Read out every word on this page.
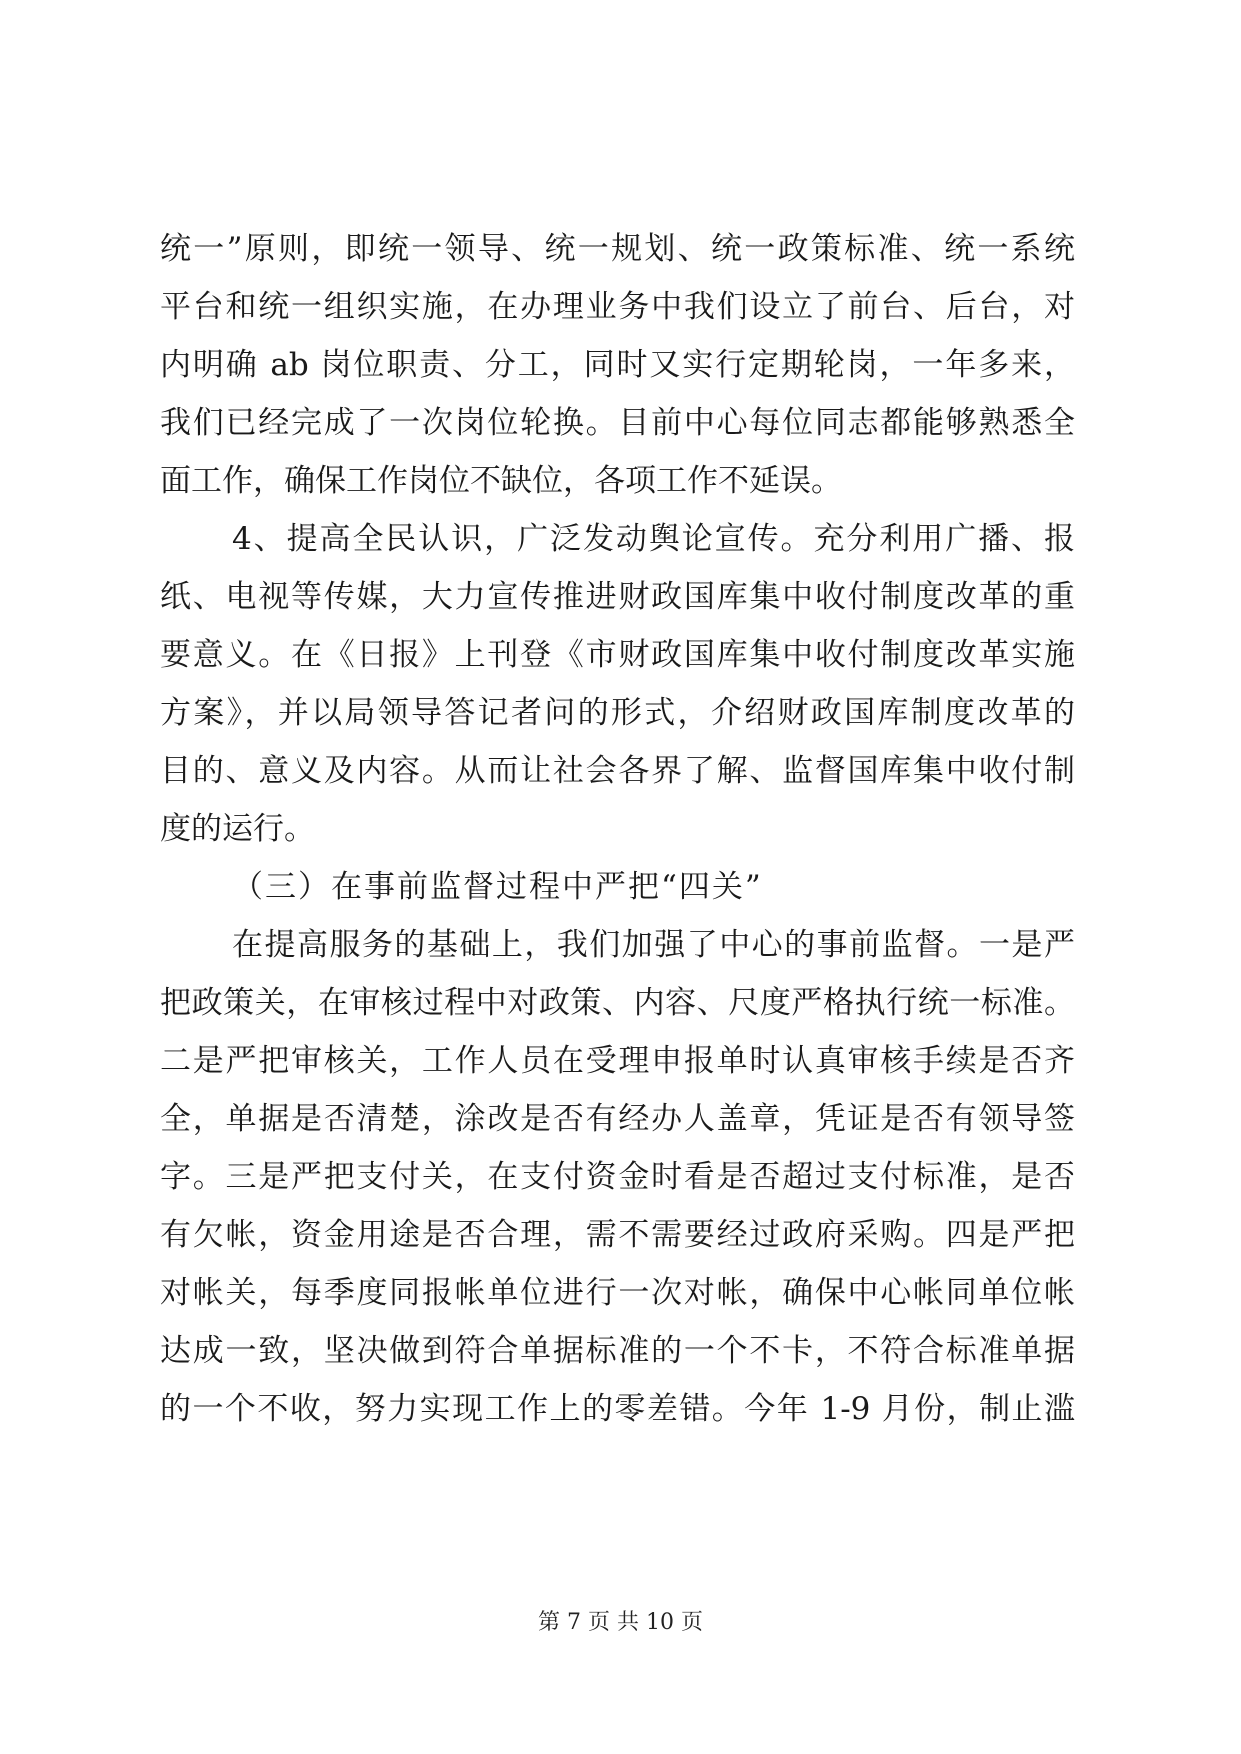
统一”原则，即统一领导、统一规划、统一政策标准、统一系统
平台和统一组织实施，在办理业务中我们设立了前台、后台，对
内明确 ab 岗位职责、分工，同时又实行定期轮岗，一年多来，
我们已经完成了一次岗位轮换。目前中心每位同志都能够熟悉全
面工作，确保工作岗位不缺位，各项工作不延误。
4、提高全民认识，广泛发动舆论宣传。充分利用广播、报
纸、电视等传媒，大力宣传推进财政国库集中收付制度改革的重
要意义。在《日报》上刊登《市财政国库集中收付制度改革实施
方案》，并以局领导答记者问的形式，介绍财政国库制度改革的
目的、意义及内容。从而让社会各界了解、监督国库集中收付制
度的运行。
（三）在事前监督过程中严把“四关”
在提高服务的基础上，我们加强了中心的事前监督。一是严
把政策关，在审核过程中对政策、内容、尺度严格执行统一标准。
二是严把审核关，工作人员在受理申报单时认真审核手续是否齐
全，单据是否清楚，涂改是否有经办人盖章，凭证是否有领导签
字。三是严把支付关，在支付资金时看是否超过支付标准，是否
有欠帐，资金用途是否合理，需不需要经过政府采购。四是严把
对帐关，每季度同报帐单位进行一次对帐，确保中心帐同单位帐
达成一致，坚决做到符合单据标准的一个不卡，不符合标准单据
的一个不收，努力实现工作上的零差错。今年 1-9 月份，制止滥
第 7 页 共 10 页
